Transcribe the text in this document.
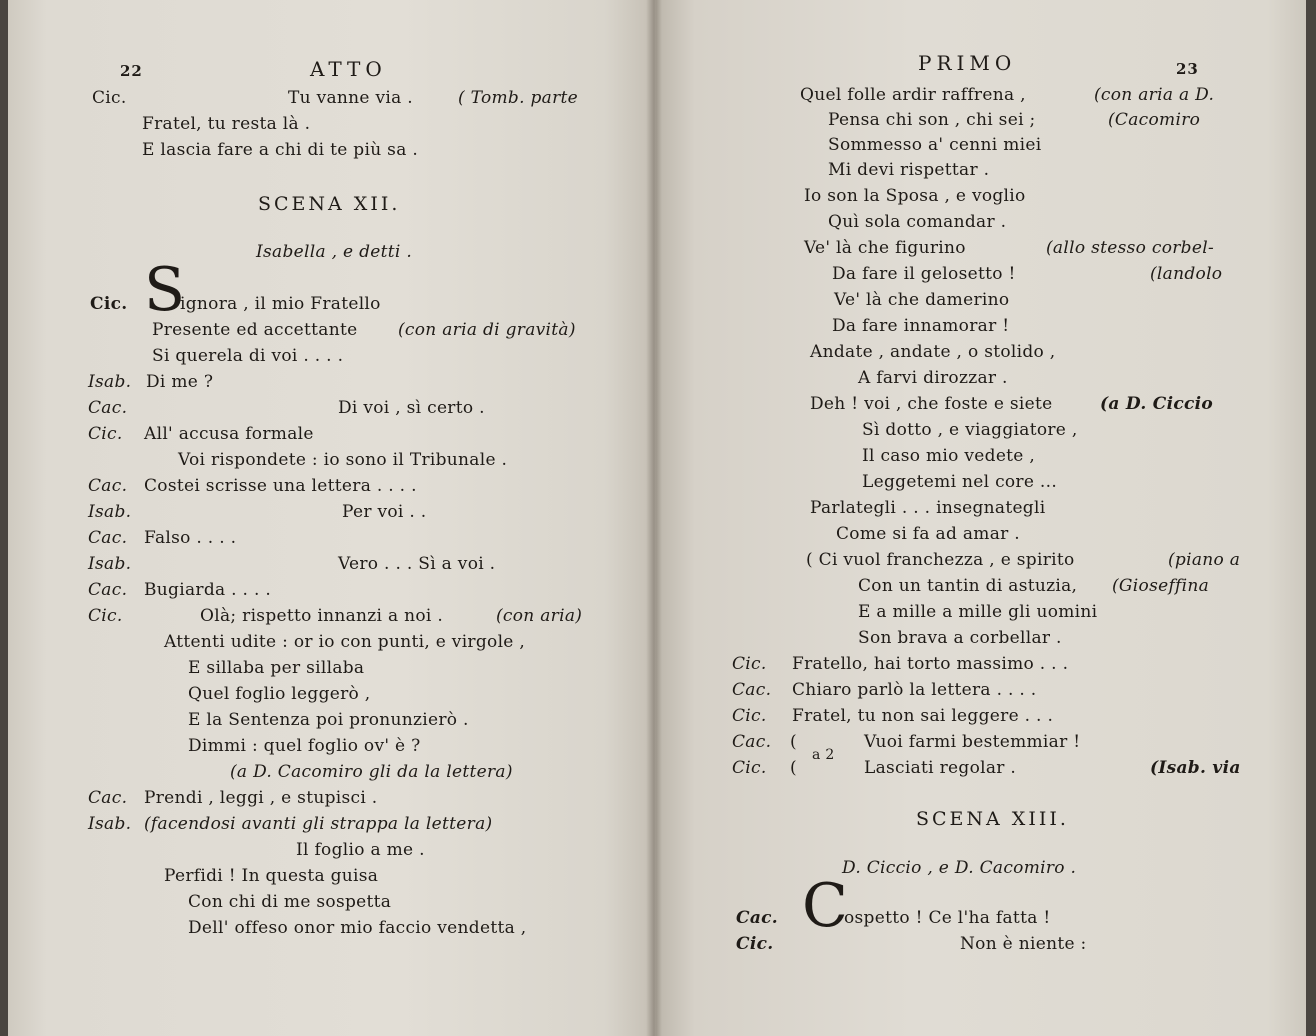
22	ATTO
Cic.	Tu vanne via .	( Tomb. parte
Fratel, tu resta là .
E lascia fare a chi di te più sa .
SCENA XII.
Isabella , e detti .
Cic. S
ignora , il mio Fratello
Presente ed accettante (con aria di gravità)
Si querela di voi . . . .
Isab. Di me ?
Cac.	Di voi , sì certo .
Cic. All' accusa formale
Voi rispondete : io sono il Tribunale .
Cac. Costei scrisse una lettera . . . .
Isab.	Per voi . .
Cac. Falso . . . .
Isab.	Vero . . . Sì a voi .
Cac. Bugiarda . . . .
Cic.	Olà; rispetto innanzi a noi .	(con aria)
Attenti udite : or io con punti, e virgole ,
E sillaba per sillaba
Quel foglio leggerò ,
E la Sentenza poi pronunzierò .
Dimmi : quel foglio ov' è ?
(a D. Cacomiro gli da la lettera)
Cac. Prendi , leggi , e stupisci .
Isab. (facendosi avanti gli strappa la lettera)
Il foglio a me .
Perfidi ! In questa guisa
Con chi di me sospetta
Dell' offeso onor mio faccio vendetta ,
PRIMO	23
Quel folle ardir raffrena ,	(con aria a D.
Pensa chi son , chi sei ;	(Cacomiro
Sommesso a' cenni miei
Mi devi rispettar .
Io son la Sposa , e voglio
Quì sola comandar .
Ve' là che figurino	(allo stesso corbel-
Da fare il gelosetto !	(landolo
Ve' là che damerino
Da fare innamorar !
Andate , andate , o stolido ,
A farvi dirozzar .
Deh ! voi , che foste e siete	(a D. Ciccio
Sì dotto , e viaggiatore ,
Il caso mio vedete ,
Leggetemi nel core ...
Parlategli . . . insegnategli
Come si fa ad amar .
( Ci vuol franchezza , e spirito	(piano a
Con un tantin di astuzia, (Gioseffina
E a mille a mille gli uomini
Son brava a corbellar .
Cic. Fratello, hai torto massimo . . .
Cac. Chiaro parlò la lettera . . . .
Cic. Fratel, tu non sai leggere . . .
Cac. (	Vuoi farmi bestemmiar !
Cic. (
a 2
Lasciati regolar .	(Isab. via
SCENA XIII.
D. Ciccio , e D. Cacomiro .
Cac. C
ospetto ! Ce l'ha fatta !
Cic.	Non è niente :
